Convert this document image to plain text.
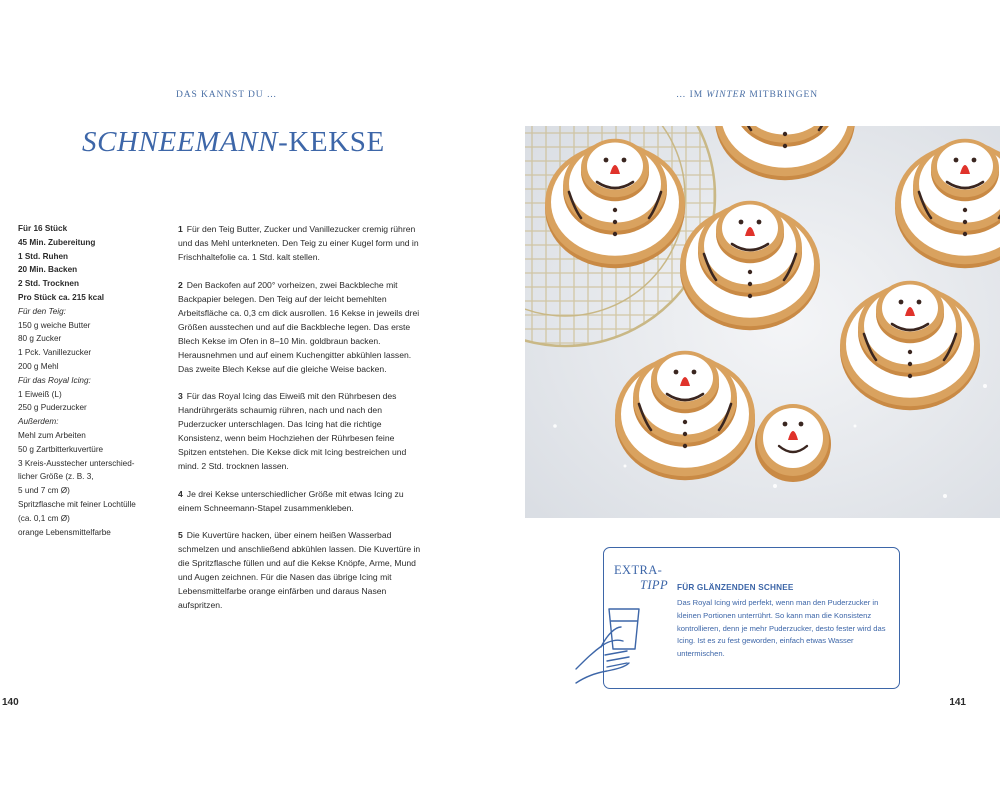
DAS KANNST DU …	… IM WINTER MITBRINGEN
SCHNEEMANN-KEKSE
Für 16 Stück
45 Min. Zubereitung
1 Std. Ruhen
20 Min. Backen
2 Std. Trocknen
Pro Stück ca. 215 kcal
Für den Teig:
150 g weiche Butter
80 g Zucker
1 Pck. Vanillezucker
200 g Mehl
Für das Royal Icing:
1 Eiweiß (L)
250 g Puderzucker
Außerdem:
Mehl zum Arbeiten
50 g Zartbitterkuvertüre
3 Kreis-Ausstecher unterschied-
licher Größe (z. B. 3,
5 und 7 cm Ø)
Spritzflasche mit feiner Lochtülle
(ca. 0,1 cm Ø)
orange Lebensmittelfarbe

1 Für den Teig Butter, Zucker und Vanillezucker cremig rühren und das Mehl unterkneten. Den Teig zu einer Kugel form und in Frischhaltefolie ca. 1 Std. kalt stellen.

2 Den Backofen auf 200° vorheizen, zwei Backbleche mit Backpapier belegen. Den Teig auf der leicht bemehlten Arbeitsfläche ca. 0,3 cm dick ausrollen. 16 Kekse in jeweils drei Größen ausstechen und auf die Backbleche legen. Das erste Blech Kekse im Ofen in 8–10 Min. goldbraun backen. Herausnehmen und auf einem Kuchengitter abkühlen lassen. Das zweite Blech Kekse auf die gleiche Weise backen.

3 Für das Royal Icing das Eiweiß mit den Rührbesen des Handrührgeräts schaumig rühren, nach und nach den Puderzucker unterschlagen. Das Icing hat die richtige Konsistenz, wenn beim Hochziehen der Rührbesen feine Spitzen entstehen. Die Kekse dick mit Icing bestreichen und mind. 2 Std. trocknen lassen.

4 Je drei Kekse unterschiedlicher Größe mit etwas Icing zu einem Schneemann-Stapel zusammenkleben.

5 Die Kuvertüre hacken, über einem heißen Wasserbad schmelzen und anschließend abkühlen lassen. Die Kuvertüre in die Spritzflasche füllen und auf die Kekse Knöpfe, Arme, Mund und Augen zeichnen. Für die Nasen das übrige Icing mit Lebensmittelfarbe orange einfärben und daraus Nasen aufspritzen.

EXTRA-
TIPP FÜR GLÄNZENDEN SCHNEE
Das Royal Icing wird perfekt, wenn man den Puderzucker in kleinen Portionen unterrührt. So kann man die Konsistenz kontrollieren, denn je mehr Puderzucker, desto fester wird das Icing. Ist es zu fest geworden, einfach etwas Wasser untermischen.
140	141
